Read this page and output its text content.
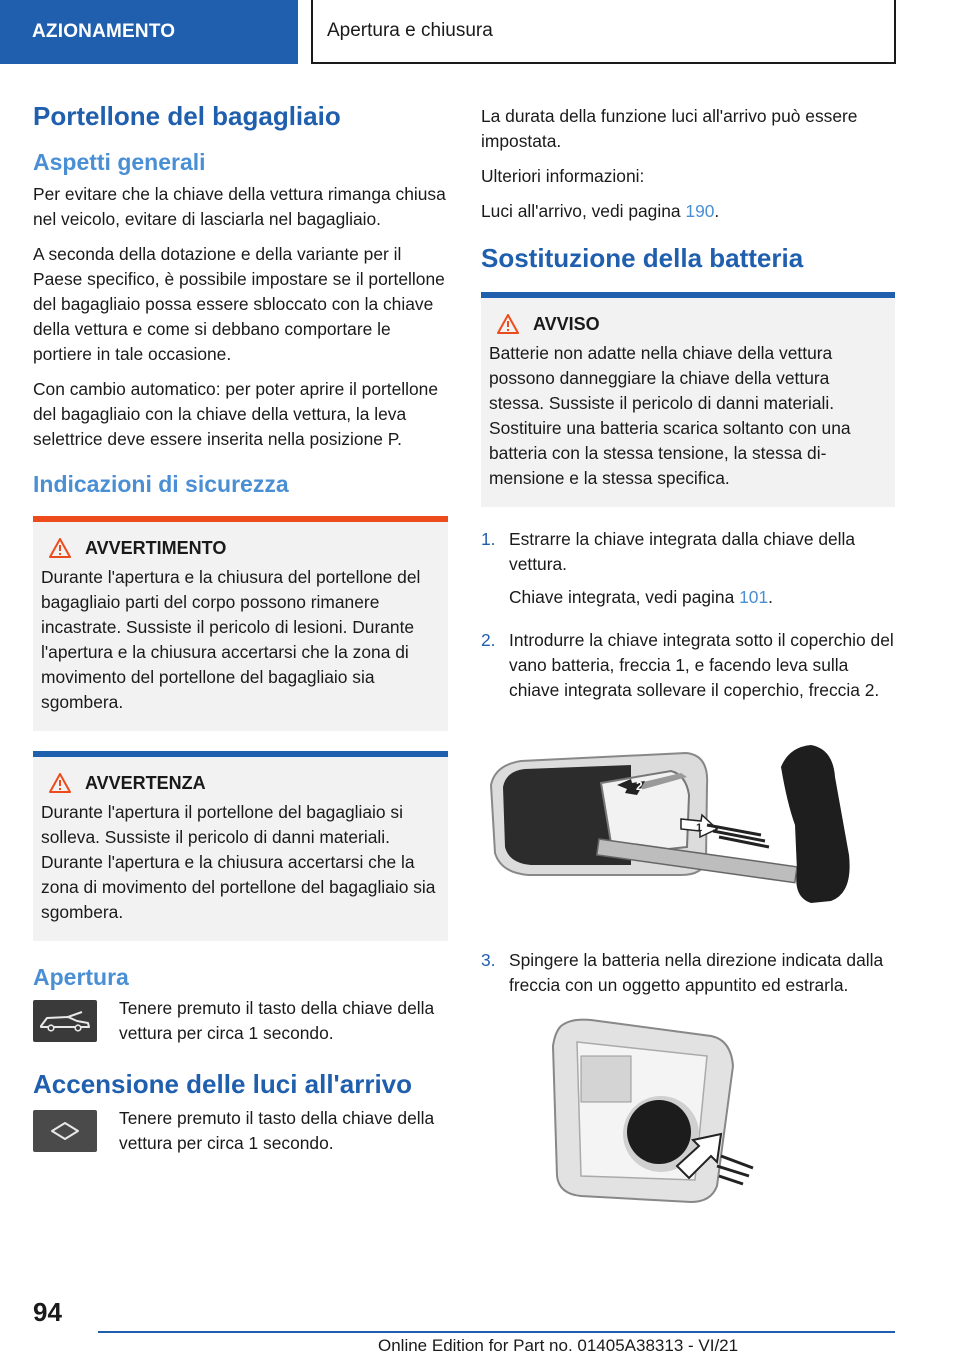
AZIONAMENTO	Apertura e chiusura
Portellone del bagagliaio
Aspetti generali

Per evitare che la chiave della vettura rimanga chiusa nel veicolo, evitare di lasciarla nel bagagliaio.

A seconda della dotazione e della variante per il Paese specifico, è possibile impostare se il portellone del bagagliaio possa essere sbloccato con la chiave della vettura e come si debbano comportare le portiere in tale occasione.

Con cambio automatico: per poter aprire il portellone del bagagliaio con la chiave della vettura, la leva selettrice deve essere inserita nella posizione P.

Indicazioni di sicurezza
AVVERTIMENTO

Durante l'apertura e la chiusura del portellone del bagagliaio parti del corpo possono rimanere incastrate. Sussiste il pericolo di lesioni. Durante l'apertura e la chiusura accertarsi che la zona di movimento del portellone del bagagliaio sia sgombera.

AVVERTENZA

Durante l'apertura il portellone del bagagliaio si solleva. Sussiste il pericolo di danni materiali. Durante l'apertura e la chiusura accertarsi che la zona di movimento del portellone del bagagliaio sia sgombera.

Apertura

Tenere premuto il tasto della chiave della vettura per circa 1 secondo.

Accensione delle luci all'arrivo

Tenere premuto il tasto della chiave della vettura per circa 1 secondo.

La durata della funzione luci all'arrivo può essere impostata.

Ulteriori informazioni:

Luci all'arrivo, vedi pagina 190.

Sostituzione della batteria
AVVISO

Batterie non adatte nella chiave della vettura possono danneggiare la chiave della vettura stessa. Sussiste il pericolo di danni materiali. Sostituire una batteria scarica soltanto con una batteria con la stessa tensione, la stessa dimensione e la stessa specifica.

1. Estrarre la chiave integrata dalla chiave della vettura.

Chiave integrata, vedi pagina 101.

2. Introdurre la chiave integrata sotto il coperchio del vano batteria, freccia 1, e facendo leva sulla chiave integrata sollevare il coperchio, freccia 2.

2
1
3. Spingere la batteria nella direzione indicata dalla freccia con un oggetto appuntito ed estrarla.

94
Online Edition for Part no. 01405A38313 - VI/21
